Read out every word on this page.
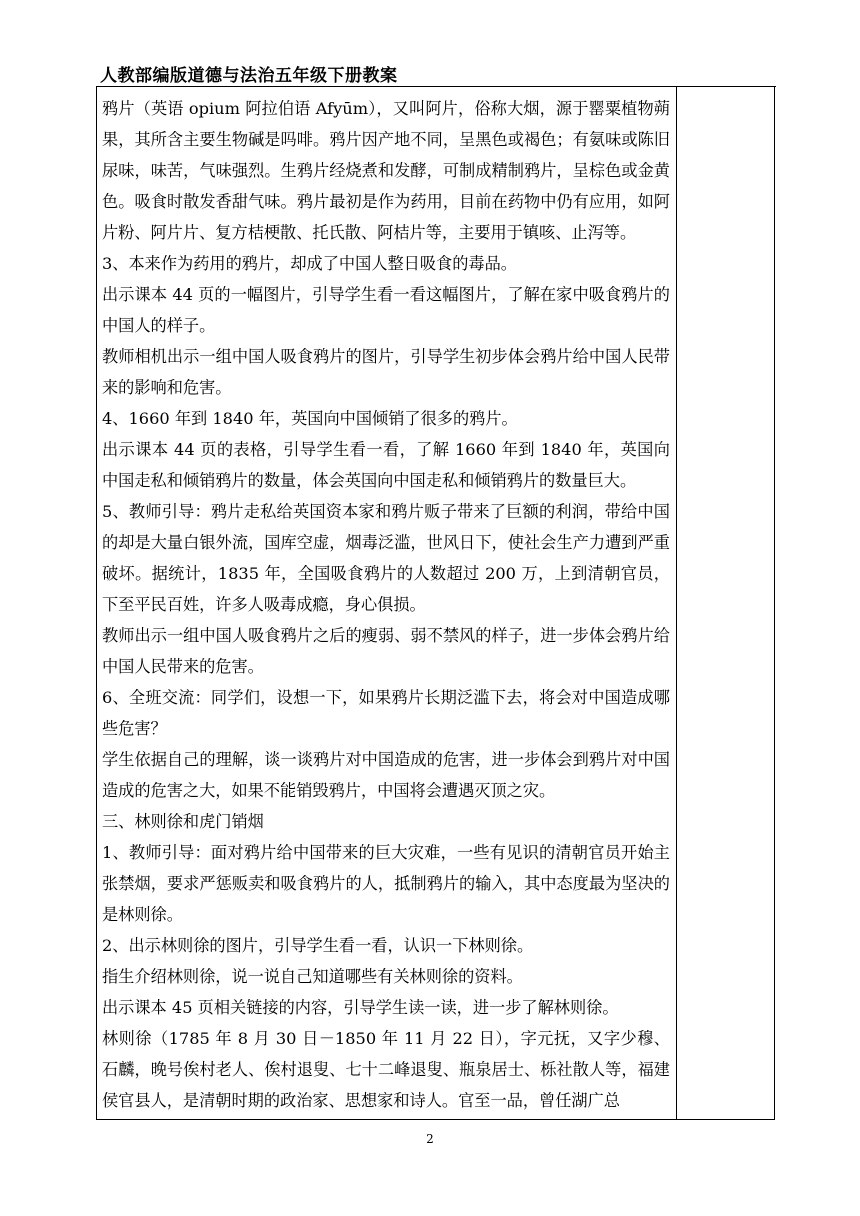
人教部编版道德与法治五年级下册教案

鸦片（英语 opium 阿拉伯语 Afyūm），又叫阿片，俗称大烟，源于罂粟植物蒴果，其所含主要生物碱是吗啡。鸦片因产地不同，呈黑色或褐色；有氨味或陈旧尿味，味苦，气味强烈。生鸦片经烧煮和发酵，可制成精制鸦片，呈棕色或金黄色。吸食时散发香甜气味。鸦片最初是作为药用，目前在药物中仍有应用，如阿片粉、阿片片、复方桔梗散、托氏散、阿桔片等，主要用于镇咳、止泻等。

3、本来作为药用的鸦片，却成了中国人整日吸食的毒品。

出示课本 44 页的一幅图片，引导学生看一看这幅图片，了解在家中吸食鸦片的中国人的样子。

教师相机出示一组中国人吸食鸦片的图片，引导学生初步体会鸦片给中国人民带来的影响和危害。

4、1660 年到 1840 年，英国向中国倾销了很多的鸦片。

出示课本 44 页的表格，引导学生看一看，了解 1660 年到 1840 年，英国向中国走私和倾销鸦片的数量，体会英国向中国走私和倾销鸦片的数量巨大。

5、教师引导：鸦片走私给英国资本家和鸦片贩子带来了巨额的利润，带给中国的却是大量白银外流，国库空虚，烟毒泛滥，世风日下，使社会生产力遭到严重破坏。据统计，1835 年，全国吸食鸦片的人数超过 200 万，上到清朝官员，下至平民百姓，许多人吸毒成瘾，身心俱损。

教师出示一组中国人吸食鸦片之后的瘦弱、弱不禁风的样子，进一步体会鸦片给中国人民带来的危害。

6、全班交流：同学们，设想一下，如果鸦片长期泛滥下去，将会对中国造成哪些危害？

学生依据自己的理解，谈一谈鸦片对中国造成的危害，进一步体会到鸦片对中国造成的危害之大，如果不能销毁鸦片，中国将会遭遇灭顶之灾。

三、林则徐和虎门销烟

1、教师引导：面对鸦片给中国带来的巨大灾难，一些有见识的清朝官员开始主张禁烟，要求严惩贩卖和吸食鸦片的人，抵制鸦片的输入，其中态度最为坚决的是林则徐。

2、出示林则徐的图片，引导学生看一看，认识一下林则徐。

指生介绍林则徐，说一说自己知道哪些有关林则徐的资料。

出示课本 45 页相关链接的内容，引导学生读一读，进一步了解林则徐。

林则徐（1785 年 8 月 30 日－1850 年 11 月 22 日），字元抚，又字少穆、石麟，晚号俟村老人、俟村退叟、七十二峰退叟、瓶泉居士、栎社散人等，福建侯官县人，是清朝时期的政治家、思想家和诗人。官至一品，曾任湖广总

2
